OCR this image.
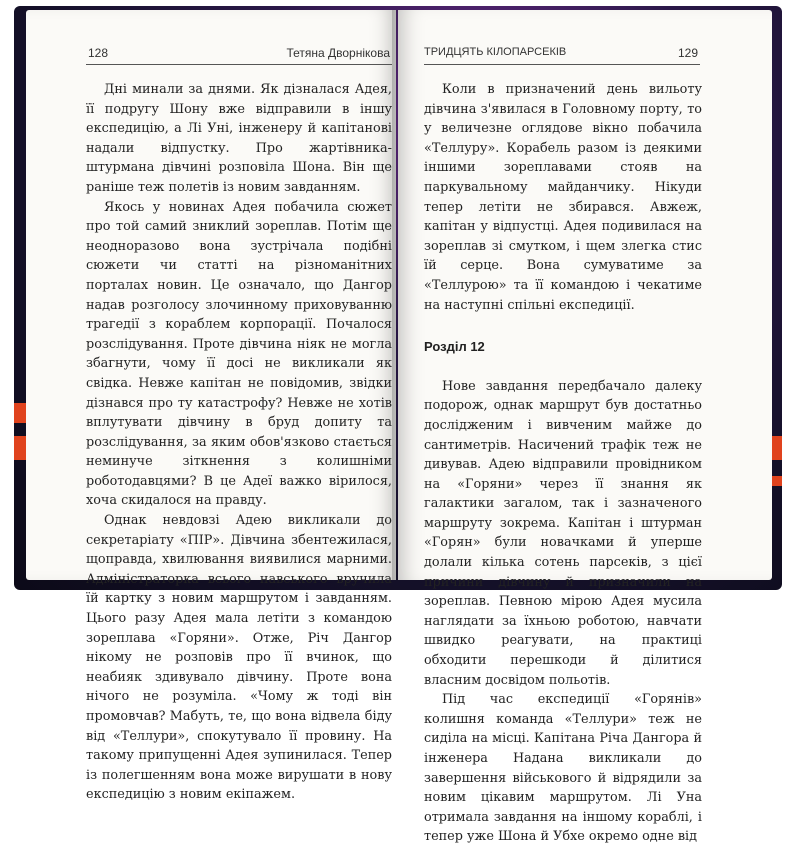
128	Тетяна Дворнікова

Дні минали за днями. Як дізналася Адея, її подругу Шону вже відправили в іншу експедицію, а Лі Уні, інженеру й капітанові надали відпустку. Про жартівника-штурмана дівчині розповіла Шона. Він ще раніше теж полетів із новим завданням.

Якось у новинах Адея побачила сюжет про той самий зниклий зореплав. Потім ще неодноразово вона зустрічала подібні сюжети чи статті на різноманітних порталах новин. Це означало, що Дангор надав розголосу злочинному приховуванню трагедії з кораблем корпорації. Почалося розслідування. Проте дівчина ніяк не могла збагнути, чому її досі не викликали як свідка. Невже капітан не повідомив, звідки дізнався про ту катастрофу? Невже не хотів вплутувати дівчину в бруд допиту та розслідування, за яким обов'язково стається неминуче зіткнення з колишніми роботодавцями? В це Адеї важко вірилося, хоча скидалося на правду.

Однак невдовзі Адею викликали до секретаріату «ПІР». Дівчина збентежилася, щоправда, хвилювання виявилися марними. Адміністраторка всього навського вручила їй картку з новим маршрутом і завданням. Цього разу Адея мала летіти з командою зореплава «Горяни». Отже, Річ Дангор нікому не розповів про її вчинок, що неабияк здивувало дівчину. Проте вона нічого не розуміла. «Чому ж тоді він промовчав? Мабуть, те, що вона відвела біду від «Теллури», спокутувало її провину. На такому припущенні Адея зупинилася. Тепер із полегшенням вона може вирушати в нову експедицію з новим екіпажем.

ТРИДЦЯТЬ КІЛОПАРСЕКІВ	129

Коли в призначений день вильоту дівчина з'явилася в Головному порту, то у величезне оглядове вікно побачила «Теллуру». Корабель разом із деякими іншими зореплавами стояв на паркувальному майданчику. Нікуди тепер летіти не збирався. Авжеж, капітан у відпустці. Адея подивилася на зореплав зі смутком, і щем злегка стис їй серце. Вона сумуватиме за «Теллурою» та її командою і чекатиме на наступні спільні експедиції.

Розділ 12

Нове завдання передбачало далеку подорож, однак маршрут був достатньо дослідженим і вивченим майже до сантиметрів. Насичений трафік теж не дивував. Адею відправили провідником на «Горяни» через її знання як галактики загалом, так і зазначеного маршруту зокрема. Капітан і штурман «Горян» були новачками й уперше долали кілька сотень парсеків, з цієї причини дівчину й призначили на зореплав. Певною мірою Адея мусила наглядати за їхньою роботою, навчати швидко реагувати, на практиці обходити перешкоди й ділитися власним досвідом польотів.

Під час експедиції «Горянів» колишня команда «Теллури» теж не сиділа на місці. Капітана Річа Дангора й інженера Надана викликали до завершення військового й відрядили за новим цікавим маршрутом. Лі Уна отримала завдання на іншому кораблі, і тепер уже Шона й Убхе окремо одне від
